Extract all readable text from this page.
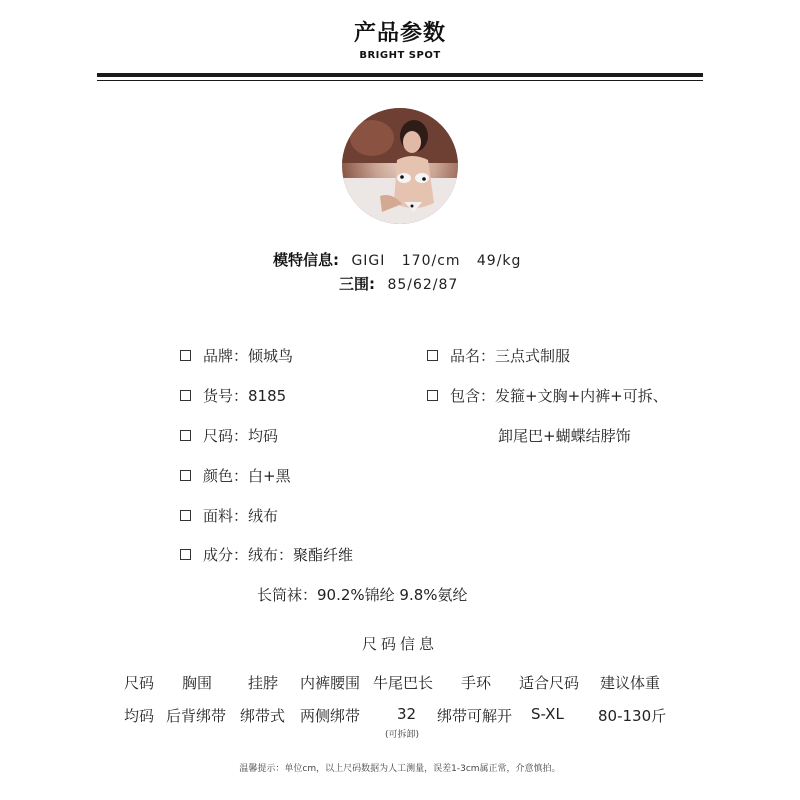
产品参数
BRIGHT SPOT
模特信息: GIGI   170/cm   49/kg
三围: 85/62/87
品牌：倾城鸟	品名：三点式制服
货号：8185	包含：发箍+文胸+内裤+可拆、
卸尾巴+蝴蝶结脖饰
尺码：均码
颜色：白+黑
面料：绒布
成分：绒布：聚酯纤维
长筒袜：90.2%锦纶 9.8%氨纶
尺码信息
尺码 胸围 挂脖 内裤腰围 牛尾巴长 手环 适合尺码 建议体重
均码 后背绑带 绑带式 两侧绑带 32 绑带可解开 S-XL 80-130斤
(可拆卸)
温馨提示：单位cm，以上尺码数据为人工测量，误差1-3cm属正常，介意慎拍。
